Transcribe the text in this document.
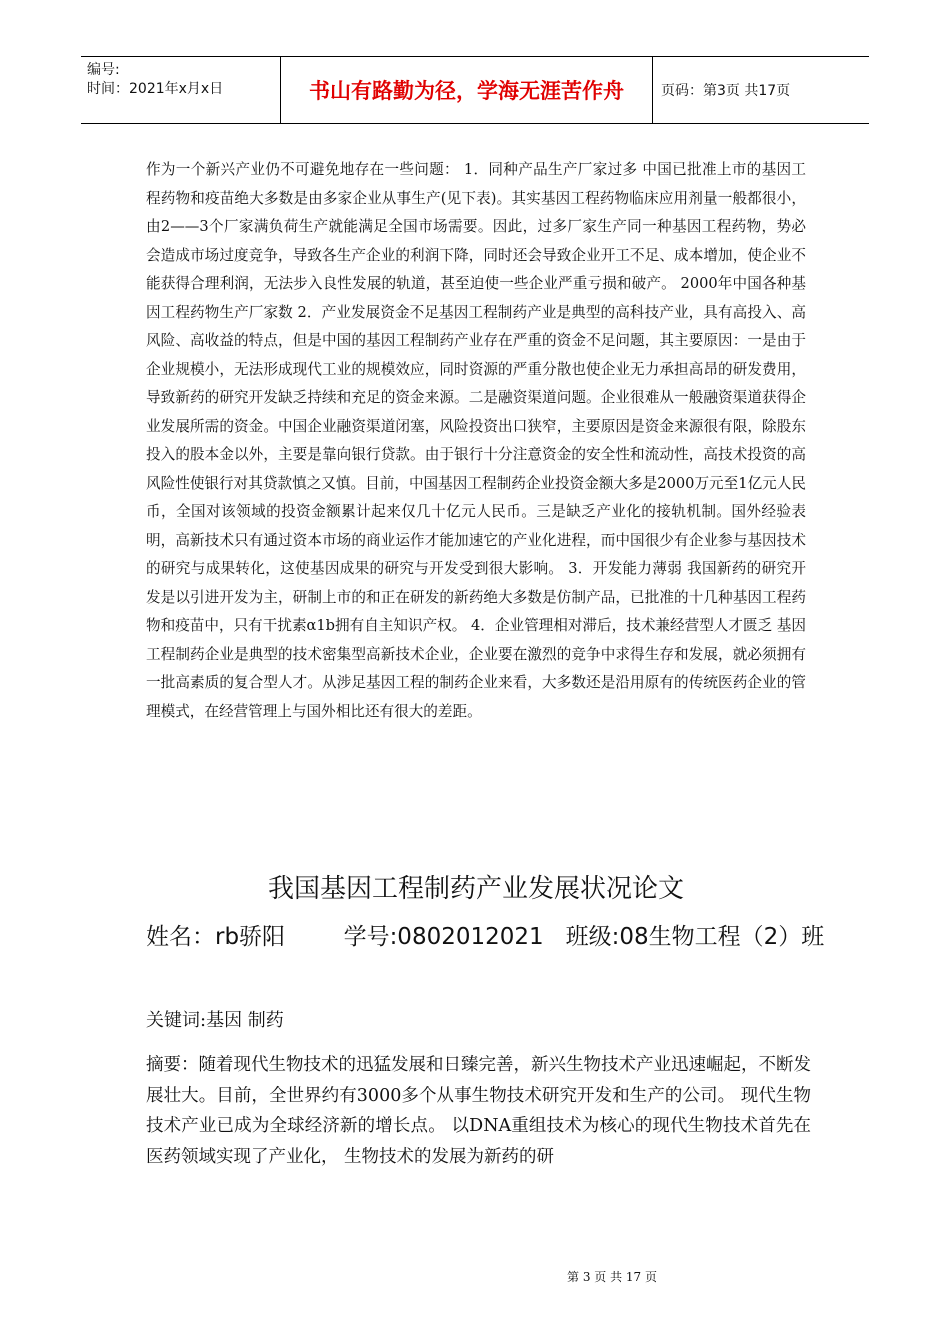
编号:
时间：2021年x月x日	书山有路勤为径，学海无涯苦作舟	页码：第3页 共17页

作为一个新兴产业仍不可避免地存在一些问题： 1．同种产品生产厂家过多 中国已批准上市的基因工程药物和疫苗绝大多数是由多家企业从事生产(见下表)。其实基因工程药物临床应用剂量一般都很小，由2——3个厂家满负荷生产就能满足全国市场需要。因此，过多厂家生产同一种基因工程药物，势必会造成市场过度竞争，导致各生产企业的利润下降，同时还会导致企业开工不足、成本增加，使企业不能获得合理利润，无法步入良性发展的轨道，甚至迫使一些企业严重亏损和破产。 2000年中国各种基因工程药物生产厂家数 2．产业发展资金不足基因工程制药产业是典型的高科技产业，具有高投入、高风险、高收益的特点，但是中国的基因工程制药产业存在严重的资金不足问题，其主要原因：一是由于企业规模小，无法形成现代工业的规模效应，同时资源的严重分散也使企业无力承担高昂的研发费用，导致新药的研究开发缺乏持续和充足的资金来源。二是融资渠道问题。企业很难从一般融资渠道获得企业发展所需的资金。中国企业融资渠道闭塞，风险投资出口狭窄，主要原因是资金来源很有限，除股东投入的股本金以外，主要是靠向银行贷款。由于银行十分注意资金的安全性和流动性，高技术投资的高风险性使银行对其贷款慎之又慎。目前，中国基因工程制药企业投资金额大多是2000万元至1亿元人民币，全国对该领域的投资金额累计起来仅几十亿元人民币。三是缺乏产业化的接轨机制。国外经验表明，高新技术只有通过资本市场的商业运作才能加速它的产业化进程，而中国很少有企业参与基因技术的研究与成果转化，这使基因成果的研究与开发受到很大影响。 3．开发能力薄弱 我国新药的研究开发是以引进开发为主，研制上市的和正在研发的新药绝大多数是仿制产品，已批准的十几种基因工程药物和疫苗中，只有干扰素α1b拥有自主知识产权。 4．企业管理相对滞后，技术兼经营型人才匮乏 基因工程制药企业是典型的技术密集型高新技术企业，企业要在激烈的竞争中求得生存和发展，就必须拥有一批高素质的复合型人才。从涉足基因工程的制药企业来看，大多数还是沿用原有的传统医药企业的管理模式，在经营管理上与国外相比还有很大的差距。

我国基因工程制药产业发展状况论文

姓名：rb骄阳	学号:0802012021 班级:08生物工程（2）班

关键词:基因 制药

摘要：随着现代生物技术的迅猛发展和日臻完善，新兴生物技术产业迅速崛起，不断发展壮大。目前，全世界约有3000多个从事生物技术研究开发和生产的公司。 现代生物技术产业已成为全球经济新的增长点。 以DNA重组技术为核心的现代生物技术首先在医药领域实现了产业化， 生物技术的发展为新药的研

第 3 页 共 17 页
